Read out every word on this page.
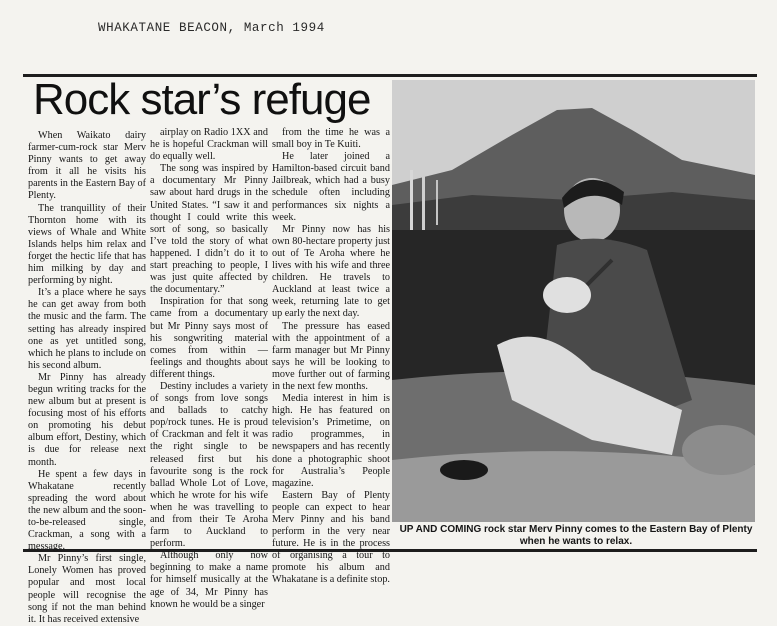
WHAKATANE BEACON, March 1994
Rock star’s refuge

When Waikato dairy farmer-cum-rock star Merv Pinny wants to get away from it all he visits his parents in the Eastern Bay of Plenty.

The tranquillity of their Thornton home with its views of Whale and White Islands helps him relax and forget the hectic life that has him milking by day and performing by night.

It’s a place where he says he can get away from both the music and the farm. The setting has already inspired one as yet untitled song, which he plans to include on his second album.

Mr Pinny has already begun writing tracks for the new album but at present is focusing most of his efforts on promoting his debut album effort, Destiny, which is due for release next month.

He spent a few days in Whakatane recently spreading the word about the new album and the soon-to-be-released single, Crackman, a song with a message.

Mr Pinny’s first single, Lonely Women has proved popular and most local people will recognise the song if not the man behind it. It has received extensive

airplay on Radio 1XX and he is hopeful Crackman will do equally well.

The song was inspired by a documentary Mr Pinny saw about hard drugs in the United States. “I saw it and thought I could write this sort of song, so basically I’ve told the story of what happened. I didn’t do it to start preaching to people, I was just quite affected by the documentary.”

Inspiration for that song came from a documentary but Mr Pinny says most of his songwriting material comes from within — feelings and thoughts about different things.

Destiny includes a variety of songs from love songs and ballads to catchy pop/rock tunes. He is proud of Crackman and felt it was the right single to be released first but his favourite song is the rock ballad Whole Lot of Love, which he wrote for his wife when he was travelling to and from their Te Aroha farm to Auckland to perform.

Although only now beginning to make a name for himself musically at the age of 34, Mr Pinny has known he would be a singer

from the time he was a small boy in Te Kuiti.

He later joined a Hamilton-based circuit band Jailbreak, which had a busy schedule often including performances six nights a week.

Mr Pinny now has his own 80-hectare property just out of Te Aroha where he lives with his wife and three children. He travels to Auckland at least twice a week, returning late to get up early the next day.

The pressure has eased with the appointment of a farm manager but Mr Pinny says he will be looking to move further out of farming in the next few months.

Media interest in him is high. He has featured on television’s Primetime, on radio programmes, in newspapers and has recently done a photographic shoot for Australia’s People magazine.

Eastern Bay of Plenty people can expect to hear Merv Pinny and his band perform in the very near future. He is in the process of organising a tour to promote his album and Whakatane is a definite stop.

UP AND COMING rock star Merv Pinny comes to the Eastern Bay of Plenty when he wants to relax.
